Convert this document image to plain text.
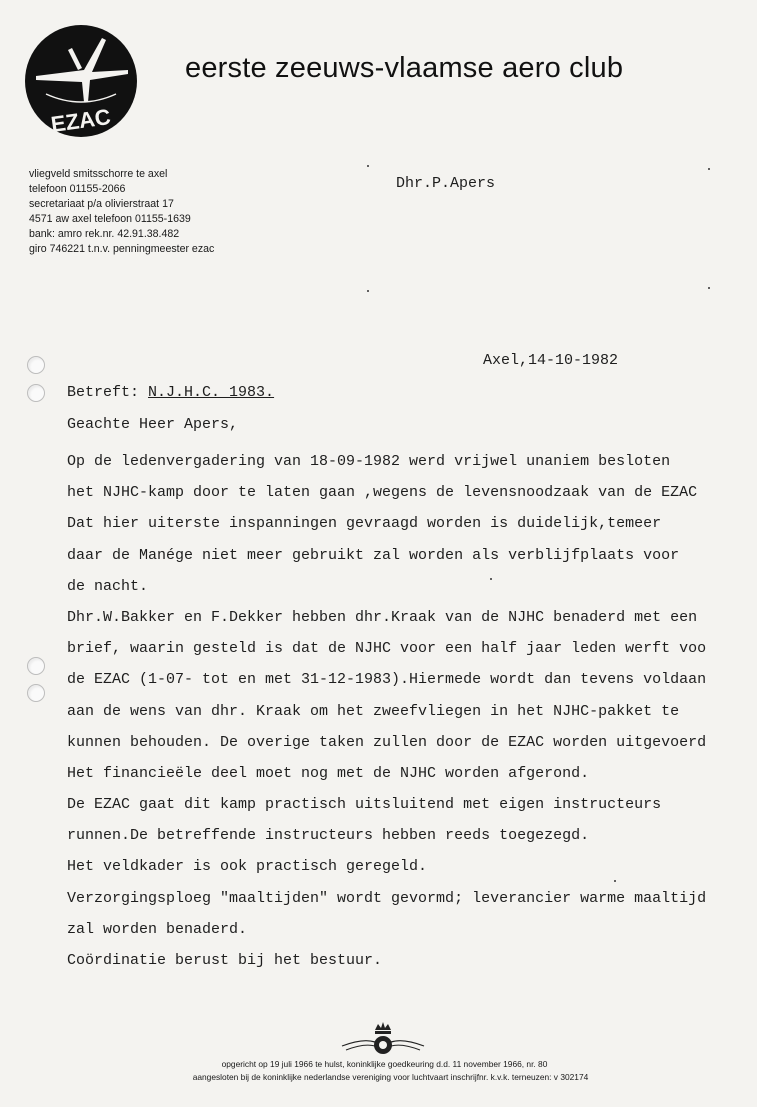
EZAC
eerste zeeuws-vlaamse aero club
vliegveld smitsschorre te axel
telefoon 01155-2066
secretariaat p/a olivierstraat 17
4571 aw axel telefoon 01155-1639
bank: amro rek.nr. 42.91.38.482
giro 746221 t.n.v. penningmeester ezac
Dhr.P.Apers
Axel,14-10-1982
Betreft: N.J.H.C. 1983.
Geachte Heer Apers,
Op de ledenvergadering van 18-09-1982 werd vrijwel unaniem besloten
het NJHC-kamp door te laten gaan ,wegens de levensnoodzaak van de EZAC
Dat hier uiterste inspanningen gevraagd worden is duidelijk,temeer
daar de Manége niet meer gebruikt zal worden als verblijfplaats voor
de nacht.
Dhr.W.Bakker en F.Dekker hebben dhr.Kraak van de NJHC benaderd met een
brief, waarin gesteld is dat de NJHC voor een half jaar leden werft voo
de EZAC (1-07- tot en met 31-12-1983).Hiermede wordt dan tevens voldaan
aan de wens van dhr. Kraak om het zweefvliegen in het NJHC-pakket te
kunnen behouden. De overige taken zullen door de EZAC worden uitgevoerd
Het financieële deel moet nog met de NJHC worden afgerond.
De EZAC gaat dit kamp practisch uitsluitend met eigen instructeurs
runnen.De betreffende instructeurs hebben reeds toegezegd.
Het veldkader is ook practisch geregeld.
Verzorgingsploeg "maaltijden" wordt gevormd; leverancier warme maaltijd
zal worden benaderd.
Coördinatie berust bij het bestuur.
opgericht op 19 juli 1966 te hulst, koninklijke goedkeuring d.d. 11 november 1966, nr. 80
aangesloten bij de koninklijke nederlandse vereniging voor luchtvaart inschrijfnr. k.v.k. terneuzen: v 302174
